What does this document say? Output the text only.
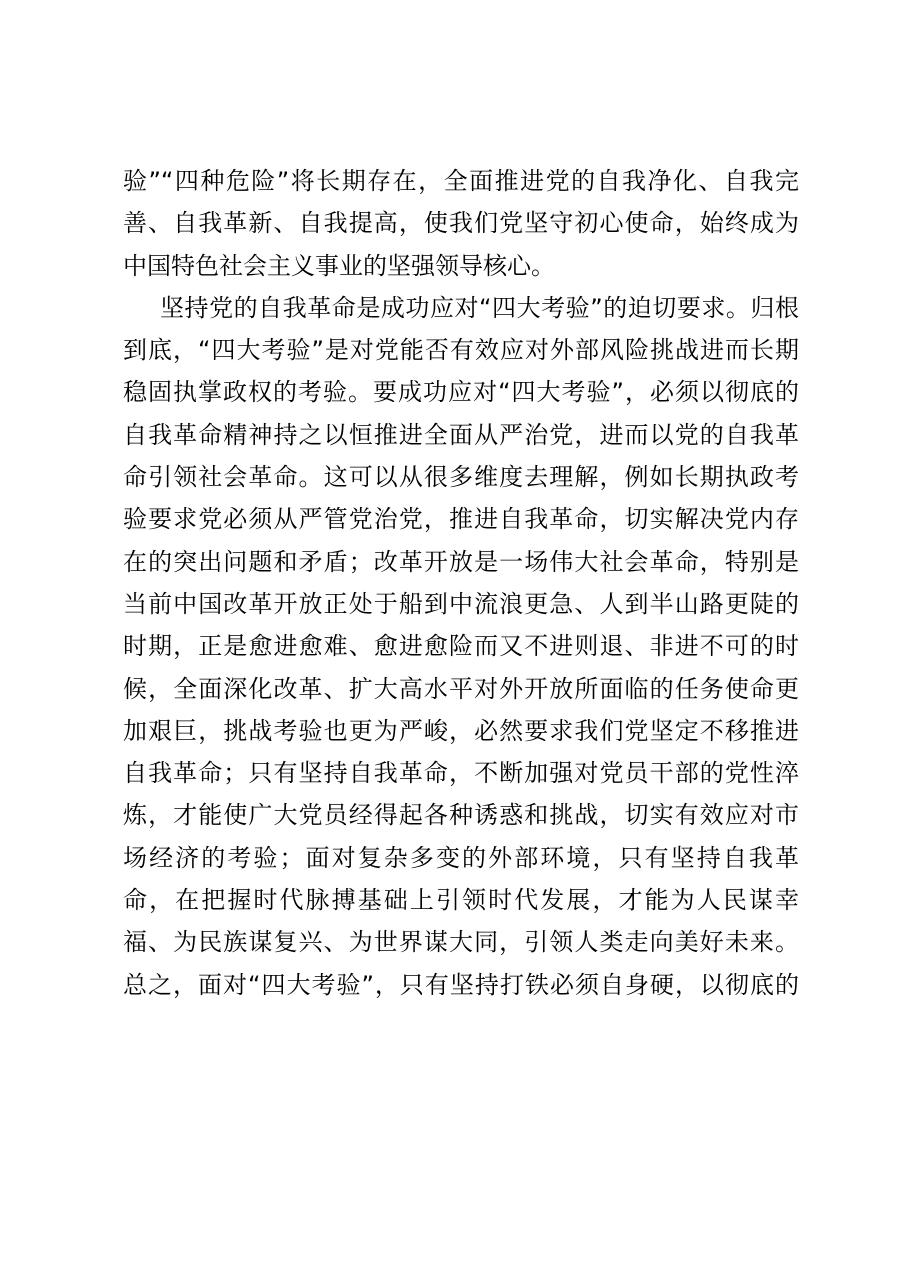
验”“四种危险”将长期存在，全面推进党的自我净化、自我完
善、自我革新、自我提高，使我们党坚守初心使命，始终成为
中国特色社会主义事业的坚强领导核心。
坚持党的自我革命是成功应对“四大考验”的迫切要求。归根
到底，“四大考验”是对党能否有效应对外部风险挑战进而长期
稳固执掌政权的考验。要成功应对“四大考验”，必须以彻底的
自我革命精神持之以恒推进全面从严治党，进而以党的自我革
命引领社会革命。这可以从很多维度去理解，例如长期执政考
验要求党必须从严管党治党，推进自我革命，切实解决党内存
在的突出问题和矛盾；改革开放是一场伟大社会革命，特别是
当前中国改革开放正处于船到中流浪更急、人到半山路更陡的
时期，正是愈进愈难、愈进愈险而又不进则退、非进不可的时
候，全面深化改革、扩大高水平对外开放所面临的任务使命更
加艰巨，挑战考验也更为严峻，必然要求我们党坚定不移推进
自我革命；只有坚持自我革命，不断加强对党员干部的党性淬
炼，才能使广大党员经得起各种诱惑和挑战，切实有效应对市
场经济的考验；面对复杂多变的外部环境，只有坚持自我革
命，在把握时代脉搏基础上引领时代发展，才能为人民谋幸
福、为民族谋复兴、为世界谋大同，引领人类走向美好未来。
总之，面对“四大考验”，只有坚持打铁必须自身硬，以彻底的
